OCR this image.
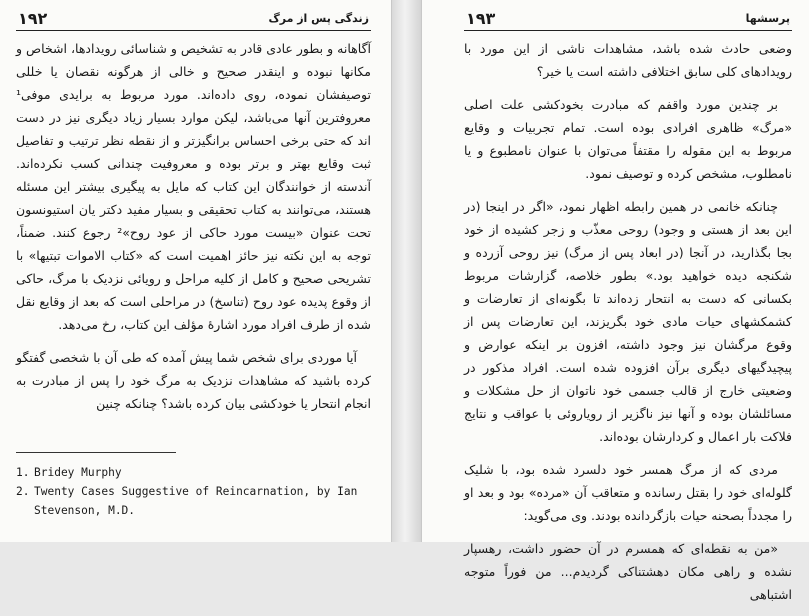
۱۹۲	زندگی پس از مرگ

آگاهانه و بطور عادی قادر به تشخیص و شناسائی رویدادها، اشخاص و مکانها نبوده و اینقدر صحیح و خالی از هرگونه نقصان یا خللی توصیفشان نموده، روی داده‌اند. مورد مربوط به برایدی موفی¹ معروفترین آنها می‌باشد، لیکن موارد بسیار زیاد دیگری نیز در دست اند که حتی برخی احساس برانگیزتر و از نقطه نظر ترتیب و تفاصیل ثبت وقایع بهتر و برتر بوده و معروفیت چندانی کسب نکرده‌اند. آندسته از خوانندگان این کتاب که مایل به پیگیری بیشتر این مسئله هستند، می‌توانند به کتاب تحقیقی و بسیار مفید دکتر یان استیونسون تحت عنوان «بیست مورد حاکی از عود روح»² رجوع کنند. ضمناً، توجه به این نکته نیز حائز اهمیت است که «کتاب الاموات تبتیها» با تشریحی صحیح و کامل از کلیه مراحل و رویائی نزدیک با مرگ، حاکی از وقوع پدیده عود روح (تناسخ) در مراحلی است که بعد از وقایع نقل شده از طرف افراد مورد اشارهٔ مؤلف این کتاب، رخ می‌دهد.

آیا موردی برای شخص شما پیش آمده که طی آن با شخصی گفتگو کرده باشید که مشاهدات نزدیک به مرگ خود را پس از مبادرت به انجام انتحار یا خودکشی بیان کرده باشد؟ چنانکه چنین

1. Bridey Murphy
2. Twenty Cases Suggestive of Reincarnation, by Ian Stevenson, M.D.
۱۹۳	پرسشها

وضعی حادث شده باشد، مشاهدات ناشی از این مورد با رویدادهای کلی سابق اختلافی داشته است یا خیر؟

بر چندین مورد واقفم که مبادرت بخودکشی علت اصلی «مرگ» ظاهری افرادی بوده است. تمام تجربیات و وقایع مربوط به این مقوله را مقتفاً می‌توان با عنوان نامطبوع و یا نامطلوب، مشخص کرده و توصیف نمود.

چنانکه خانمی در همین رابطه اظهار نمود، «اگر در اینجا (در این بعد از هستی و وجود) روحی معذّب و زجر کشیده از خود بجا بگذارید، در آنجا (در ابعاد پس از مرگ) نیز روحی آزرده و شکنجه دیده خواهید بود.» بطور خلاصه، گزارشات مربوط بکسانی که دست به انتحار زده‌اند تا بگونه‌ای از تعارضات و کشمکشهای حیات مادی خود بگریزند، این تعارضات پس از وقوع مرگشان نیز وجود داشته، افزون بر اینکه عوارض و پیچیدگیهای دیگری برآن افزوده شده است. افراد مذکور در وضعیتی خارج از قالب جسمی خود ناتوان از حل مشکلات و مسائلشان بوده و آنها نیز ناگزیر از رویاروئی با عواقب و نتایج فلاکت بار اعمال و کردارشان بوده‌اند.

مردی که از مرگ همسر خود دلسرد شده بود، با شلیک گلوله‌ای خود را بقتل رسانده و متعاقب آن «مرده» بود و بعد او را مجدداً بصحنه حیات بازگردانده بودند. وی می‌گوید:

«من به نقطه‌ای که همسرم در آن حضور داشت، رهسپار نشده و راهی مکان دهشتناکی گردیدم... من فوراً متوجه اشتباهی
